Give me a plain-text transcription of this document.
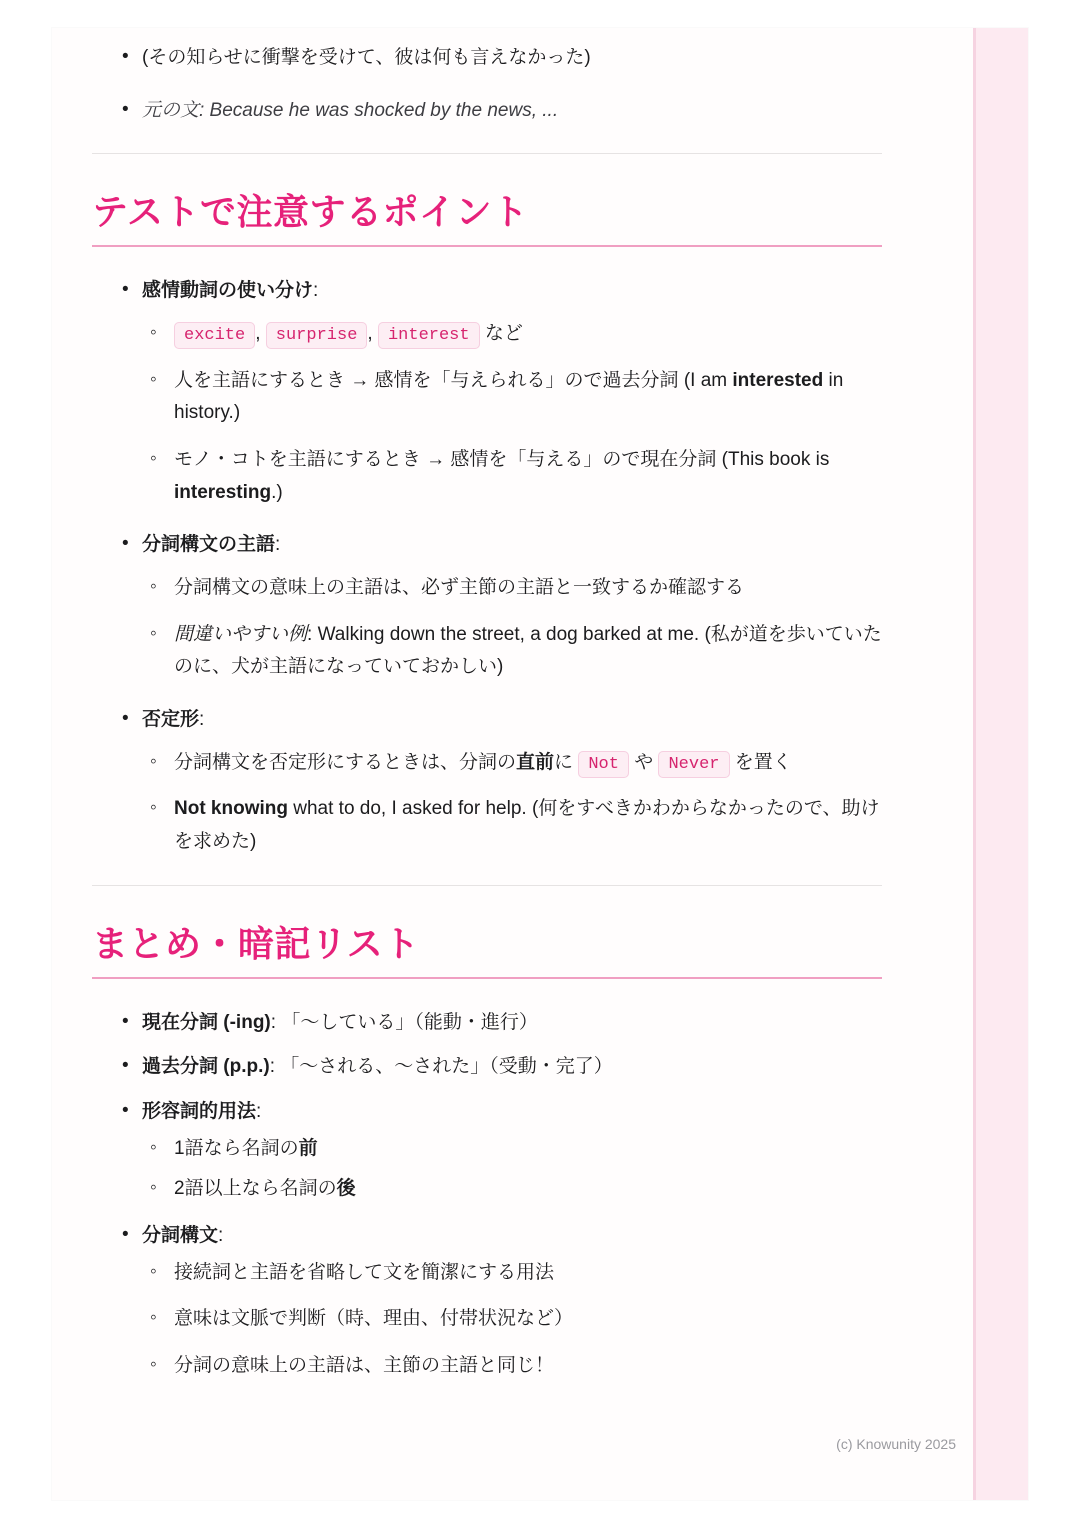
• (その知らせに衝撃を受けて、彼は何も言えなかった)
• 元の文: Because he was shocked by the news, ...
テストで注意するポイント
• 感情動詞の使い分け:
◦ excite , surprise , interest など
◦ 人を主語にするとき → 感情を「与えられる」ので過去分詞 (I am interested in history.)
◦ モノ・コトを主語にするとき → 感情を「与える」ので現在分詞 (This book is interesting.)
• 分詞構文の主語:
◦ 分詞構文の意味上の主語は、必ず主節の主語と一致するか確認する
◦ 間違いやすい例: Walking down the street, a dog barked at me. (私が道を歩いていたのに、犬が主語になっていておかしい)
• 否定形:
◦ 分詞構文を否定形にするときは、分詞の直前に Not や Never を置く
◦ Not knowing what to do, I asked for help. (何をすべきかわからなかったので、助けを求めた)
まとめ・暗記リスト
• 現在分詞 (-ing): 「〜している」（能動・進行）
• 過去分詞 (p.p.): 「〜される、〜された」（受動・完了）
• 形容詞的用法:
◦ 1語なら名詞の前
◦ 2語以上なら名詞の後
• 分詞構文:
◦ 接続詞と主語を省略して文を簡潔にする用法
◦ 意味は文脈で判断（時、理由、付帯状況など）
◦ 分詞の意味上の主語は、主節の主語と同じ！
(c) Knowunity 2025
